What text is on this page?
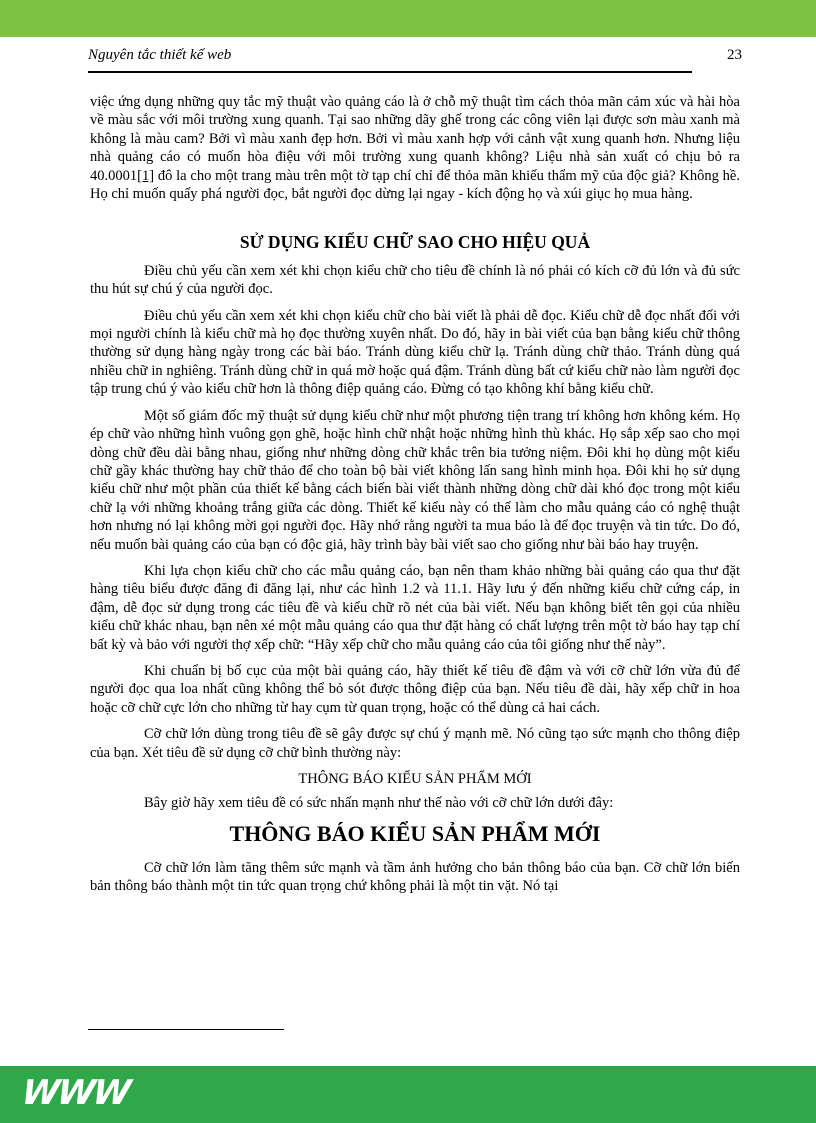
Nguyên tắc thiết kế web	23

việc ứng dụng những quy tắc mỹ thuật vào quảng cáo là ở chỗ mỹ thuật tìm cách thỏa mãn cảm xúc và hài hòa về màu sắc với môi trường xung quanh. Tại sao những dãy ghế trong các công viên lại được sơn màu xanh mà không là màu cam? Bởi vì màu xanh đẹp hơn. Bởi vì màu xanh hợp với cảnh vật xung quanh hơn. Nhưng liệu nhà quảng cáo có muốn hòa điệu với môi trường xung quanh không? Liệu nhà sản xuất có chịu bỏ ra 40.0001[1] đô la cho một trang màu trên một tờ tạp chí chỉ để thỏa mãn khiếu thẩm mỹ của độc giả? Không hề. Họ chỉ muốn quấy phá người đọc, bắt người đọc dừng lại ngay - kích động họ và xúi giục họ mua hàng.

SỬ DỤNG KIỂU CHỮ SAO CHO HIỆU QUẢ

Điều chủ yếu cần xem xét khi chọn kiểu chữ cho tiêu đề chính là nó phải có kích cỡ đủ lớn và đủ sức thu hút sự chú ý của người đọc.

Điều chủ yếu cần xem xét khi chọn kiểu chữ cho bài viết là phải dễ đọc. Kiểu chữ dễ đọc nhất đối với mọi người chính là kiểu chữ mà họ đọc thường xuyên nhất. Do đó, hãy in bài viết của bạn bằng kiểu chữ thông thường sử dụng hàng ngày trong các bài báo. Tránh dùng kiểu chữ lạ. Tránh dùng chữ thảo. Tránh dùng quá nhiều chữ in nghiêng. Tránh dùng chữ in quá mờ hoặc quá đậm. Tránh dùng bất cứ kiểu chữ nào làm người đọc tập trung chú ý vào kiểu chữ hơn là thông điệp quảng cáo. Đừng có tạo không khí bằng kiểu chữ.

Một số giám đốc mỹ thuật sử dụng kiểu chữ như một phương tiện trang trí không hơn không kém. Họ ép chữ vào những hình vuông gọn ghẽ, hoặc hình chữ nhật hoặc những hình thù khác. Họ sắp xếp sao cho mọi dòng chữ đều dài bằng nhau, giống như những dòng chữ khắc trên bia tưởng niệm. Đôi khi họ dùng một kiểu chữ gầy khác thường hay chữ thảo để cho toàn bộ bài viết không lấn sang hình minh họa. Đôi khi họ sử dụng kiểu chữ như một phần của thiết kế bằng cách biến bài viết thành những dòng chữ dài khó đọc trong một kiểu chữ lạ với những khoảng trắng giữa các dòng. Thiết kế kiểu này có thể làm cho mẫu quảng cáo có nghệ thuật hơn nhưng nó lại không mời gọi người đọc. Hãy nhớ rằng người ta mua báo là để đọc truyện và tin tức. Do đó, nếu muốn bài quảng cáo của bạn có độc giả, hãy trình bày bài viết sao cho giống như bài báo hay truyện.

Khi lựa chọn kiểu chữ cho các mẫu quảng cáo, bạn nên tham khảo những bài quảng cáo qua thư đặt hàng tiêu biểu được đăng đi đăng lại, như các hình 1.2 và 11.1. Hãy lưu ý đến những kiểu chữ cứng cáp, in đậm, dễ đọc sử dụng trong các tiêu đề và kiểu chữ rõ nét của bài viết. Nếu bạn không biết tên gọi của nhiều kiểu chữ khác nhau, bạn nên xé một mẫu quảng cáo qua thư đặt hàng có chất lượng trên một tờ báo hay tạp chí bất kỳ và bảo với người thợ xếp chữ: “Hãy xếp chữ cho mẫu quảng cáo của tôi giống như thế này”.

Khi chuẩn bị bố cục của một bài quảng cáo, hãy thiết kế tiêu đề đậm và với cỡ chữ lớn vừa đủ để người đọc qua loa nhất cũng không thể bỏ sót được thông điệp của bạn. Nếu tiêu đề dài, hãy xếp chữ in hoa hoặc cỡ chữ cực lớn cho những từ hay cụm từ quan trọng, hoặc có thể dùng cả hai cách.

Cỡ chữ lớn dùng trong tiêu đề sẽ gây được sự chú ý mạnh mẽ. Nó cũng tạo sức mạnh cho thông điệp của bạn. Xét tiêu đề sử dụng cỡ chữ bình thường này:

THÔNG BÁO KIỂU SẢN PHẨM MỚI

Bây giờ hãy xem tiêu đề có sức nhấn mạnh như thế nào với cỡ chữ lớn dưới đây:

THÔNG BÁO KIỂU SẢN PHẨM MỚI

Cỡ chữ lớn làm tăng thêm sức mạnh và tầm ảnh hưởng cho bản thông báo của bạn. Cỡ chữ lớn biến bản thông báo thành một tin tức quan trọng chứ không phải là một tin vặt. Nó tại

WWW
